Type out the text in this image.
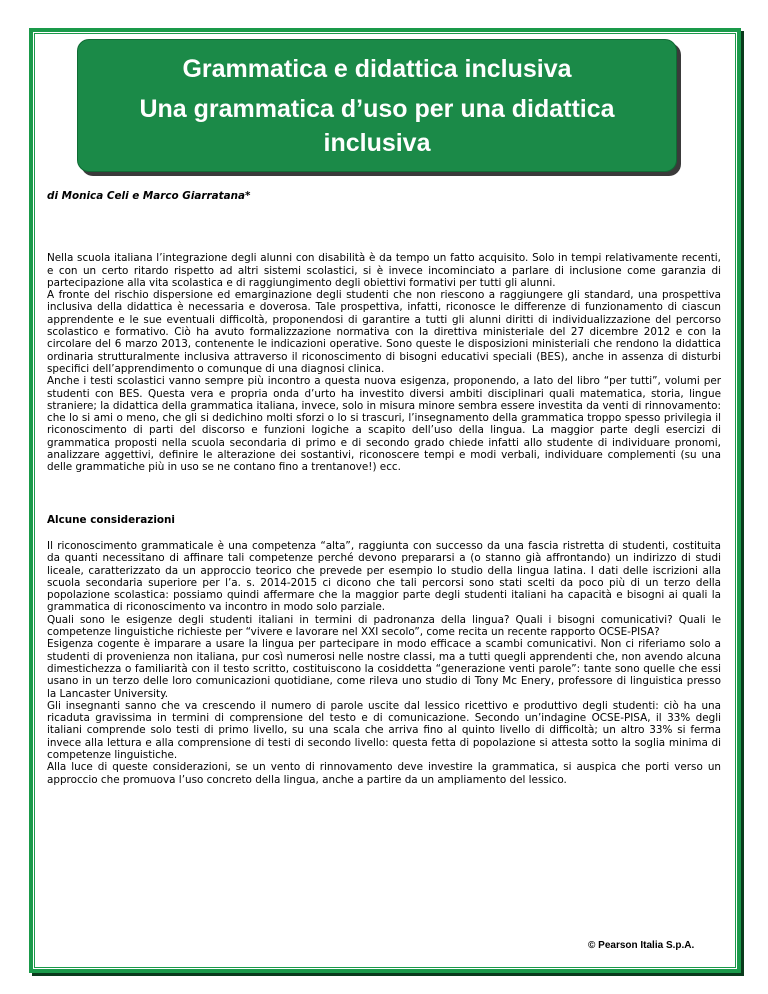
Grammatica e didattica inclusiva
Una grammatica d’uso per una didattica inclusiva

di Monica Celi e Marco Giarratana*

Nella scuola italiana l’integrazione degli alunni con disabilità è da tempo un fatto acquisito. Solo in tempi relativamente recenti, e con un certo ritardo rispetto ad altri sistemi scolastici, si è invece incominciato a parlare di inclusione come garanzia di partecipazione alla vita scolastica e di raggiungimento degli obiettivi formativi per tutti gli alunni.

A fronte del rischio dispersione ed emarginazione degli studenti che non riescono a raggiungere gli standard, una prospettiva inclusiva della didattica è necessaria e doverosa. Tale prospettiva, infatti, riconosce le differenze di funzionamento di ciascun apprendente e le sue eventuali difficoltà, proponendosi di garantire a tutti gli alunni diritti di individualizzazione del percorso scolastico e formativo. Ciò ha avuto formalizzazione normativa con la direttiva ministeriale del 27 dicembre 2012 e con la circolare del 6 marzo 2013, contenente le indicazioni operative. Sono queste le disposizioni ministeriali che rendono la didattica ordinaria strutturalmente inclusiva attraverso il riconoscimento di bisogni educativi speciali (BES), anche in assenza di disturbi specifici dell’apprendimento o comunque di una diagnosi clinica.

Anche i testi scolastici vanno sempre più incontro a questa nuova esigenza, proponendo, a lato del libro “per tutti”, volumi per studenti con BES. Questa vera e propria onda d’urto ha investito diversi ambiti disciplinari quali matematica, storia, lingue straniere; la didattica della grammatica italiana, invece, solo in misura minore sembra essere investita da venti di rinnovamento: che lo si ami o meno, che gli si dedichino molti sforzi o lo si trascuri, l’insegnamento della grammatica troppo spesso privilegia il riconoscimento di parti del discorso e funzioni logiche a scapito dell’uso della lingua. La maggior parte degli esercizi di grammatica proposti nella scuola secondaria di primo e di secondo grado chiede infatti allo studente di individuare pronomi, analizzare aggettivi, definire le alterazione dei sostantivi, riconoscere tempi e modi verbali, individuare complementi (su una delle grammatiche più in uso se ne contano fino a trentanove!) ecc.

Alcune considerazioni

Il riconoscimento grammaticale è una competenza “alta”, raggiunta con successo da una fascia ristretta di studenti, costituita da quanti necessitano di affinare tali competenze perché devono prepararsi a (o stanno già affrontando) un indirizzo di studi liceale, caratterizzato da un approccio teorico che prevede per esempio lo studio della lingua latina. I dati delle iscrizioni alla scuola secondaria superiore per l’a. s. 2014-2015 ci dicono che tali percorsi sono stati scelti da poco più di un terzo della popolazione scolastica: possiamo quindi affermare che la maggior parte degli studenti italiani ha capacità e bisogni ai quali la grammatica di riconoscimento va incontro in modo solo parziale.

Quali sono le esigenze degli studenti italiani in termini di padronanza della lingua? Quali i bisogni comunicativi? Quali le competenze linguistiche richieste per “vivere e lavorare nel XXI secolo”, come recita un recente rapporto OCSE-PISA?

Esigenza cogente è imparare a usare la lingua per partecipare in modo efficace a scambi comunicativi. Non ci riferiamo solo a studenti di provenienza non italiana, pur così numerosi nelle nostre classi, ma a tutti quegli apprendenti che, non avendo alcuna dimestichezza o familiarità con il testo scritto, costituiscono la cosiddetta “generazione venti parole”: tante sono quelle che essi usano in un terzo delle loro comunicazioni quotidiane, come rileva uno studio di Tony Mc Enery, professore di linguistica presso la Lancaster University.

Gli insegnanti sanno che va crescendo il numero di parole uscite dal lessico ricettivo e produttivo degli studenti: ciò ha una ricaduta gravissima in termini di comprensione del testo e di comunicazione. Secondo un’indagine OCSE-PISA, il 33% degli italiani comprende solo testi di primo livello, su una scala che arriva fino al quinto livello di difficoltà; un altro 33% si ferma invece alla lettura e alla comprensione di testi di secondo livello: questa fetta di popolazione si attesta sotto la soglia minima di competenze linguistiche.

Alla luce di queste considerazioni, se un vento di rinnovamento deve investire la grammatica, si auspica che porti verso un approccio che promuova l’uso concreto della lingua, anche a partire da un ampliamento del lessico.

© Pearson Italia S.p.A.
